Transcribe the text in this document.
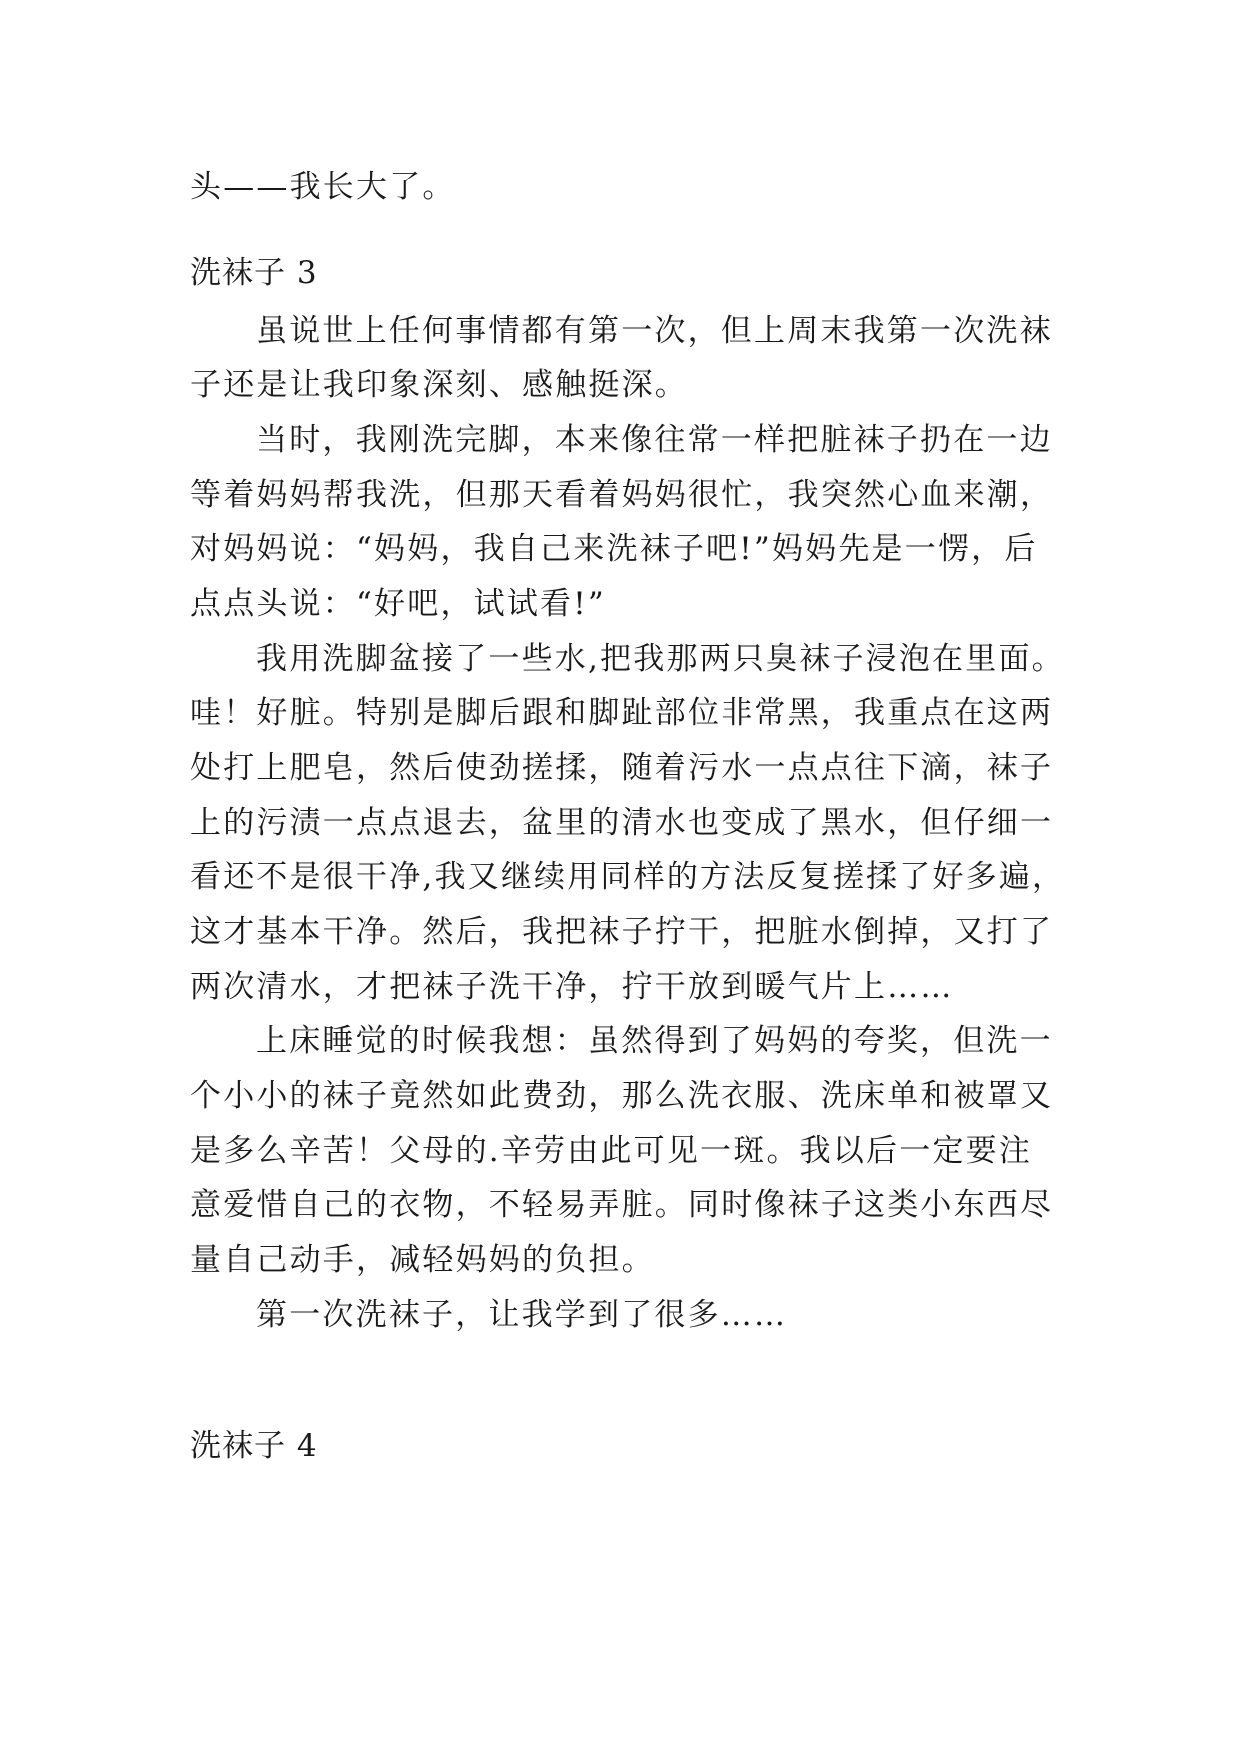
头——我长大了。
洗袜子 3
虽说世上任何事情都有第一次，但上周末我第一次洗袜
子还是让我印象深刻、感触挺深。
当时，我刚洗完脚，本来像往常一样把脏袜子扔在一边
等着妈妈帮我洗，但那天看着妈妈很忙，我突然心血来潮，
对妈妈说：“妈妈，我自己来洗袜子吧!”妈妈先是一愣，后
点点头说：“好吧，试试看!”
我用洗脚盆接了一些水,把我那两只臭袜子浸泡在里面。
哇！好脏。特别是脚后跟和脚趾部位非常黑，我重点在这两
处打上肥皂，然后使劲搓揉，随着污水一点点往下滴，袜子
上的污渍一点点退去，盆里的清水也变成了黑水，但仔细一
看还不是很干净,我又继续用同样的方法反复搓揉了好多遍，
这才基本干净。然后，我把袜子拧干，把脏水倒掉，又打了
两次清水，才把袜子洗干净，拧干放到暖气片上……
上床睡觉的时候我想：虽然得到了妈妈的夸奖，但洗一
个小小的袜子竟然如此费劲，那么洗衣服、洗床单和被罩又
是多么辛苦！父母的.辛劳由此可见一斑。我以后一定要注
意爱惜自己的衣物，不轻易弄脏。同时像袜子这类小东西尽
量自己动手，减轻妈妈的负担。
第一次洗袜子，让我学到了很多……
洗袜子 4
